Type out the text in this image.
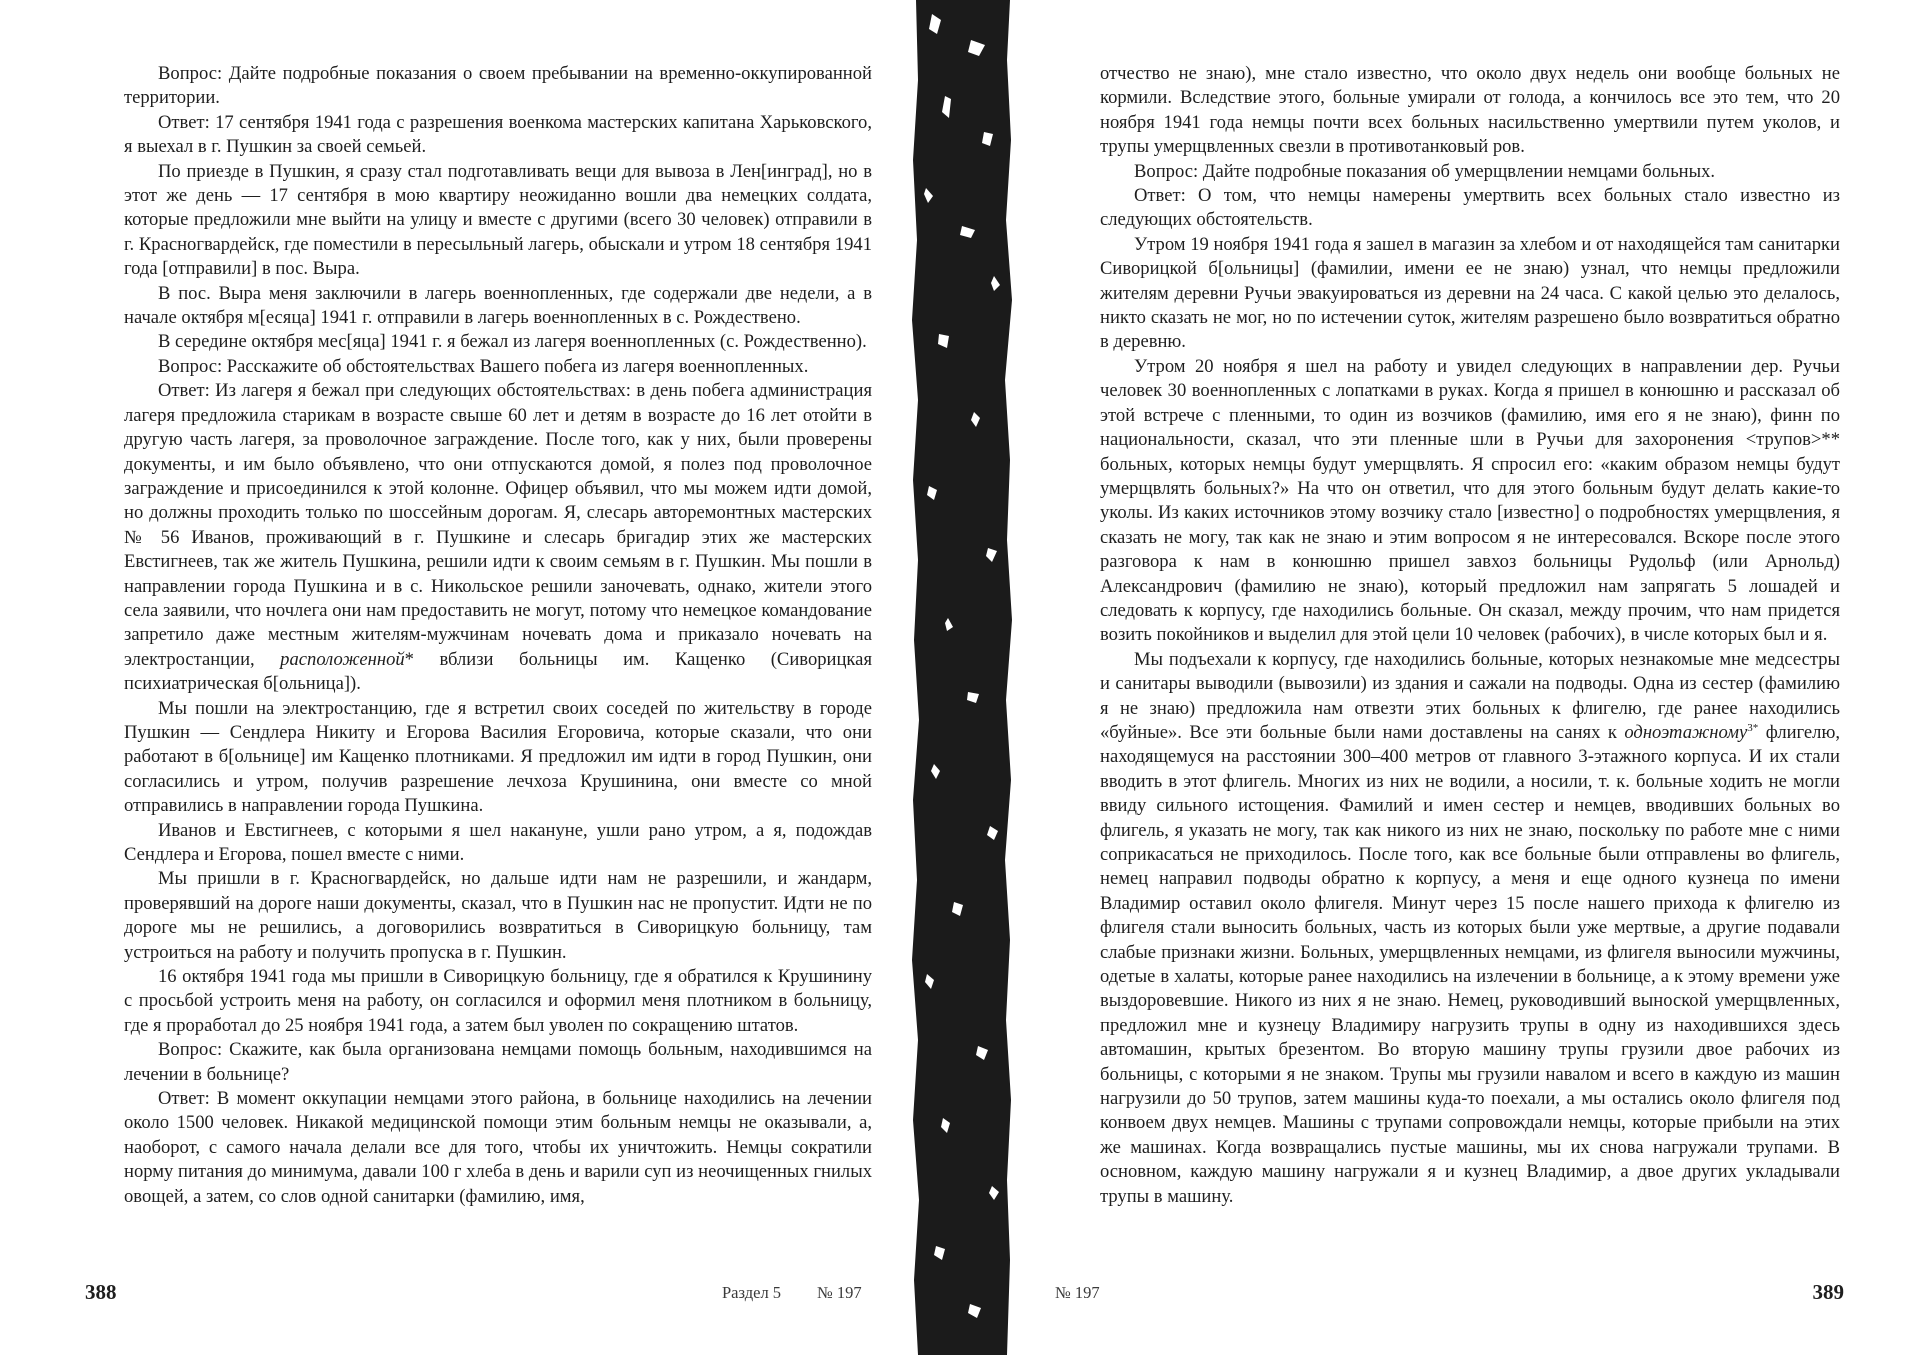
Вопрос: Дайте подробные показания о своем пребывании на временно-оккупированной территории.

Ответ: 17 сентября 1941 года с разрешения военкома мастерских капитана Харьковского, я выехал в г. Пушкин за своей семьей.

По приезде в Пушкин, я сразу стал подготавливать вещи для вывоза в Лен[инград], но в этот же день — 17 сентября в мою квартиру неожиданно вошли два немецких солдата, которые предложили мне выйти на улицу и вместе с другими (всего 30 человек) отправили в г. Красногвардейск, где поместили в пересыльный лагерь, обыскали и утром 18 сентября 1941 года [отправили] в пос. Выра.

В пос. Выра меня заключили в лагерь военнопленных, где содержали две недели, а в начале октября м[есяца] 1941 г. отправили в лагерь военнопленных в с. Рождествено.

В середине октября мес[яца] 1941 г. я бежал из лагеря военнопленных (с. Рождественно).

Вопрос: Расскажите об обстоятельствах Вашего побега из лагеря военнопленных.

Ответ: Из лагеря я бежал при следующих обстоятельствах: в день побега администрация лагеря предложила старикам в возрасте свыше 60 лет и детям в возрасте до 16 лет отойти в другую часть лагеря, за проволочное заграждение. После того, как у них, были проверены документы, и им было объявлено, что они отпускаются домой, я полез под проволочное заграждение и присоединился к этой колонне. Офицер объявил, что мы можем идти домой, но должны проходить только по шоссейным дорогам. Я, слесарь авторемонтных мастерских № 56 Иванов, проживающий в г. Пушкине и слесарь бригадир этих же мастерских Евстигнеев, так же житель Пушкина, решили идти к своим семьям в г. Пушкин. Мы пошли в направлении города Пушкина и в с. Никольское решили заночевать, однако, жители этого села заявили, что ночлега они нам предоставить не могут, потому что немецкое командование запретило даже местным жителям-мужчинам ночевать дома и приказало ночевать на электростанции, расположенной* вблизи больницы им. Кащенко (Сиворицкая психиатрическая б[ольница]).

Мы пошли на электростанцию, где я встретил своих соседей по жительству в городе Пушкин — Сендлера Никиту и Егорова Василия Егоровича, которые сказали, что они работают в б[ольнице] им Кащенко плотниками. Я предложил им идти в город Пушкин, они согласились и утром, получив разрешение лечхоза Крушинина, они вместе со мной отправились в направлении города Пушкина.

Иванов и Евстигнеев, с которыми я шел накануне, ушли рано утром, а я, подождав Сендлера и Егорова, пошел вместе с ними.

Мы пришли в г. Красногвардейск, но дальше идти нам не разрешили, и жандарм, проверявший на дороге наши документы, сказал, что в Пушкин нас не пропустит. Идти не по дороге мы не решились, а договорились возвратиться в Сиворицкую больницу, там устроиться на работу и получить пропуска в г. Пушкин.

16 октября 1941 года мы пришли в Сиворицкую больницу, где я обратился к Крушинину с просьбой устроить меня на работу, он согласился и оформил меня плотником в больницу, где я проработал до 25 ноября 1941 года, а затем был уволен по сокращению штатов.

Вопрос: Скажите, как была организована немцами помощь больным, находившимся на лечении в больнице?

Ответ: В момент оккупации немцами этого района, в больнице находились на лечении около 1500 человек. Никакой медицинской помощи этим больным немцы не оказывали, а, наоборот, с самого начала делали все для того, чтобы их уничтожить. Немцы сократили норму питания до минимума, давали 100 г хлеба в день и варили суп из неочищенных гнилых овощей, а затем, со слов одной санитарки (фамилию, имя,

388	Раздел 5 № 197

отчество не знаю), мне стало известно, что около двух недель они вообще больных не кормили. Вследствие этого, больные умирали от голода, а кончилось все это тем, что 20 ноября 1941 года немцы почти всех больных насильственно умертвили путем уколов, и трупы умерщвленных свезли в противотанковый ров.

Вопрос: Дайте подробные показания об умерщвлении немцами больных.

Ответ: О том, что немцы намерены умертвить всех больных стало известно из следующих обстоятельств.

Утром 19 ноября 1941 года я зашел в магазин за хлебом и от находящейся там санитарки Сиворицкой б[ольницы] (фамилии, имени ее не знаю) узнал, что немцы предложили жителям деревни Ручьи эвакуироваться из деревни на 24 часа. С какой целью это делалось, никто сказать не мог, но по истечении суток, жителям разрешено было возвратиться обратно в деревню.

Утром 20 ноября я шел на работу и увидел следующих в направлении дер. Ручьи человек 30 военнопленных с лопатками в руках. Когда я пришел в конюшню и рассказал об этой встрече с пленными, то один из возчиков (фамилию, имя его я не знаю), финн по национальности, сказал, что эти пленные шли в Ручьи для захоронения <трупов>** больных, которых немцы будут умерщвлять. Я спросил его: «каким образом немцы будут умерщвлять больных?» На что он ответил, что для этого больным будут делать какие-то уколы. Из каких источников этому возчику стало [известно] о подробностях умерщвления, я сказать не могу, так как не знаю и этим вопросом я не интересовался. Вскоре после этого разговора к нам в конюшню пришел завхоз больницы Рудольф (или Арнольд) Александрович (фамилию не знаю), который предложил нам запрягать 5 лошадей и следовать к корпусу, где находились больные. Он сказал, между прочим, что нам придется возить покойников и выделил для этой цели 10 человек (рабочих), в числе которых был и я.

Мы подъехали к корпусу, где находились больные, которых незнакомые мне медсестры и санитары выводили (вывозили) из здания и сажали на подводы. Одна из сестер (фамилию я не знаю) предложила нам отвезти этих больных к флигелю, где ранее находились «буйные». Все эти больные были нами доставлены на санях к одноэтажному$^{3*}$ флигелю, находящемуся на расстоянии 300–400 метров от главного 3-этажного корпуса. И их стали вводить в этот флигель. Многих из них не водили, а носили, т. к. больные ходить не могли ввиду сильного истощения. Фамилий и имен сестер и немцев, вводивших больных во флигель, я указать не могу, так как никого из них не знаю, поскольку по работе мне с ними соприкасаться не приходилось. После того, как все больные были отправлены во флигель, немец направил подводы обратно к корпусу, а меня и еще одного кузнеца по имени Владимир оставил около флигеля. Минут через 15 после нашего прихода к флигелю из флигеля стали выносить больных, часть из которых были уже мертвые, а другие подавали слабые признаки жизни. Больных, умерщвленных немцами, из флигеля выносили мужчины, одетые в халаты, которые ранее находились на излечении в больнице, а к этому времени уже выздоровевшие. Никого из них я не знаю. Немец, руководивший выноской умерщвленных, предложил мне и кузнецу Владимиру нагрузить трупы в одну из находившихся здесь автомашин, крытых брезентом. Во вторую машину трупы грузили двое рабочих из больницы, с которыми я не знаком. Трупы мы грузили навалом и всего в каждую из машин нагрузили до 50 трупов, затем машины куда-то поехали, а мы остались около флигеля под конвоем двух немцев. Машины с трупами сопровождали немцы, которые прибыли на этих же машинах. Когда возвращались пустые машины, мы их снова нагружали трупами. В основном, каждую машину нагружали я и кузнец Владимир, а двое других укладывали трупы в машину.

№ 197	389
